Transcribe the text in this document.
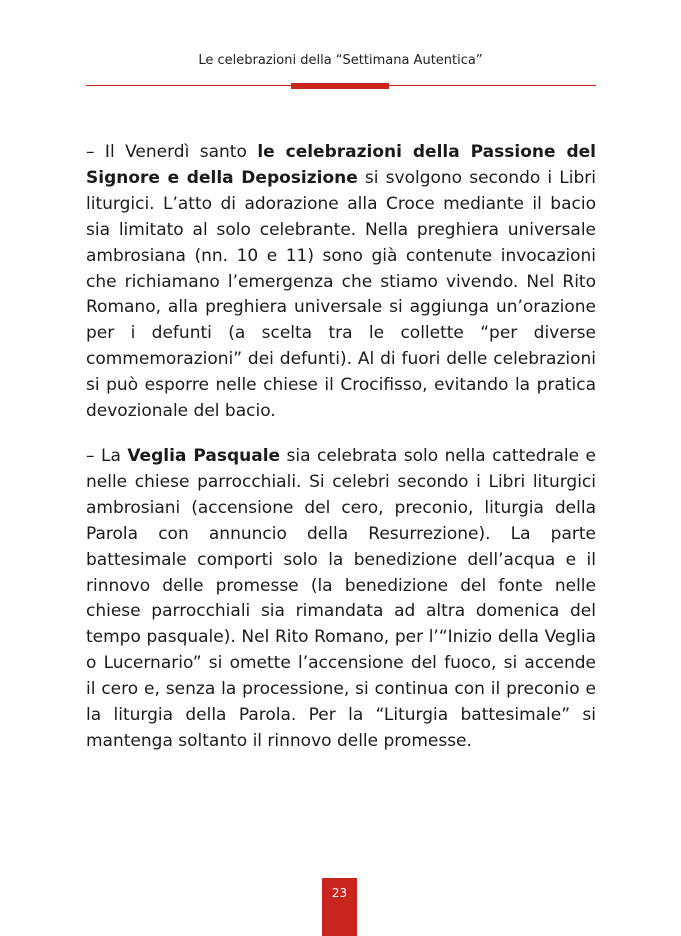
Le celebrazioni della “Settimana Autentica”

– Il Venerdì santo le celebrazioni della Passione del Signore e della Deposizione si svolgono secondo i Libri liturgici. L’atto di adorazione alla Croce mediante il bacio sia limitato al solo celebrante. Nella preghiera universale ambrosiana (nn. 10 e 11) sono già contenute invocazioni che richiamano l’emergenza che stiamo vivendo. Nel Rito Romano, alla preghiera universale si aggiunga un’orazione per i defunti (a scelta tra le collette “per diverse commemorazioni” dei defunti). Al di fuori delle celebrazioni si può esporre nelle chiese il Crocifisso, evitando la pratica devozionale del bacio.

– La Veglia Pasquale sia celebrata solo nella cattedrale e nelle chiese parrocchiali. Si celebri secondo i Libri liturgici ambrosiani (accensione del cero, preconio, liturgia della Parola con annuncio della Resurrezione). La parte battesimale comporti solo la benedizione dell’acqua e il rinnovo delle promesse (la benedizione del fonte nelle chiese parrocchiali sia rimandata ad altra domenica del tempo pasquale). Nel Rito Romano, per l’“Inizio della Veglia o Lucernario” si omette l’accensione del fuoco, si accende il cero e, senza la processione, si continua con il preconio e la liturgia della Parola. Per la “Liturgia battesimale” si mantenga soltanto il rinnovo delle promesse.

23
